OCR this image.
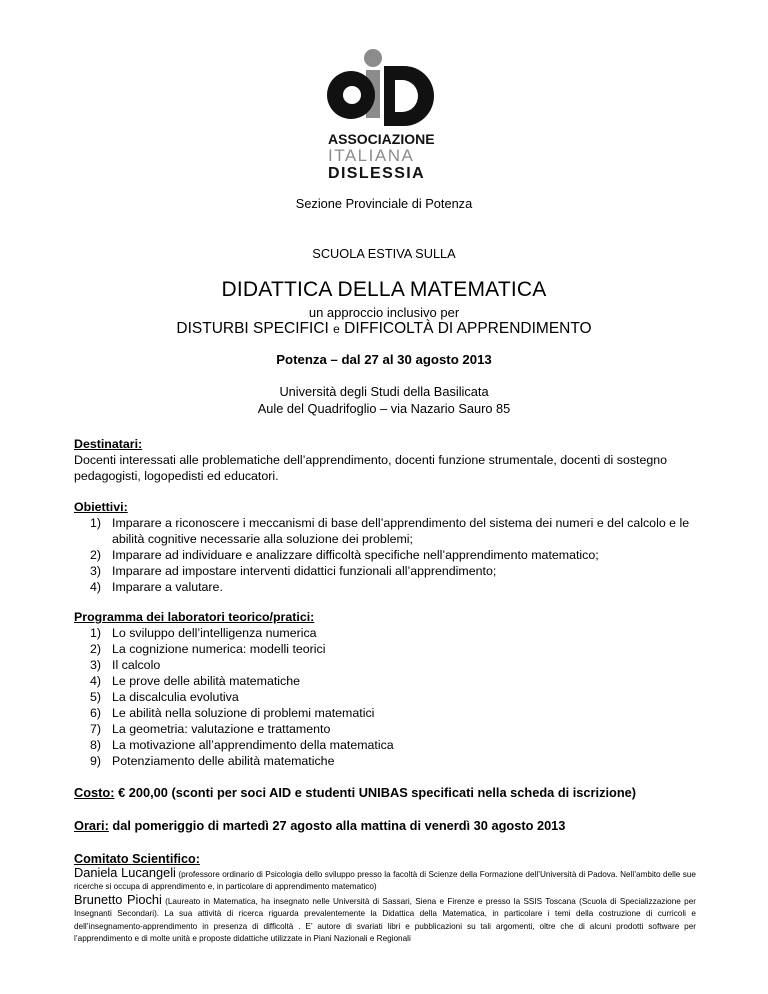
ASSOCIAZIONE
ITALIANA
DISLESSIA
Sezione Provinciale di Potenza
SCUOLA ESTIVA SULLA
DIDATTICA DELLA MATEMATICA
un approccio inclusivo per
DISTURBI SPECIFICI e DIFFICOLTÀ DI APPRENDIMENTO
Potenza – dal 27 al 30 agosto 2013
Università degli Studi della Basilicata
Aule del Quadrifoglio – via Nazario Sauro 85

Destinatari:

Docenti interessati alle problematiche dell’apprendimento, docenti funzione strumentale, docenti di sostegno pedagogisti, logopedisti ed educatori.

Obiettivi:

1) Imparare a riconoscere i meccanismi di base dell’apprendimento del sistema dei numeri e del calcolo e le abilità cognitive necessarie alla soluzione dei problemi;
2) Imparare ad individuare e analizzare difficoltà specifiche nell’apprendimento matematico;
3) Imparare ad impostare interventi didattici funzionali all’apprendimento;
4) Imparare a valutare.

Programma dei laboratori teorico/pratici:

1) Lo sviluppo dell’intelligenza numerica
2) La cognizione numerica: modelli teorici
3) Il calcolo
4) Le prove delle abilità matematiche
5) La discalculia evolutiva
6) Le abilità nella soluzione di problemi matematici
7) La geometria: valutazione e trattamento
8) La motivazione all’apprendimento della matematica
9) Potenziamento delle abilità matematiche
Costo: € 200,00 (sconti per soci AID e studenti UNIBAS specificati nella scheda di iscrizione)
Orari: dal pomeriggio di martedì 27 agosto alla mattina di venerdì 30 agosto 2013

Comitato Scientifico:

Daniela Lucangeli (professore ordinario di Psicologia dello sviluppo presso la facoltà di Scienze della Formazione dell’Università di Padova. Nell’ambito delle sue ricerche si occupa di apprendimento e, in particolare di apprendimento matematico)

Brunetto Piochi (Laureato in Matematica, ha insegnato nelle Università di Sassari, Siena e Firenze e presso la SSIS Toscana (Scuola di Specializzazione per Insegnanti Secondari). La sua attività di ricerca riguarda prevalentemente la Didattica della Matematica, in particolare i temi della costruzione di curricoli e dell’insegnamento-apprendimento in presenza di difficoltà . E’ autore di svariati libri e pubblicazioni su tali argomenti, oltre che di alcuni prodotti software per l’apprendimento e di molte unità e proposte didattiche utilizzate in Piani Nazionali e Regionali
